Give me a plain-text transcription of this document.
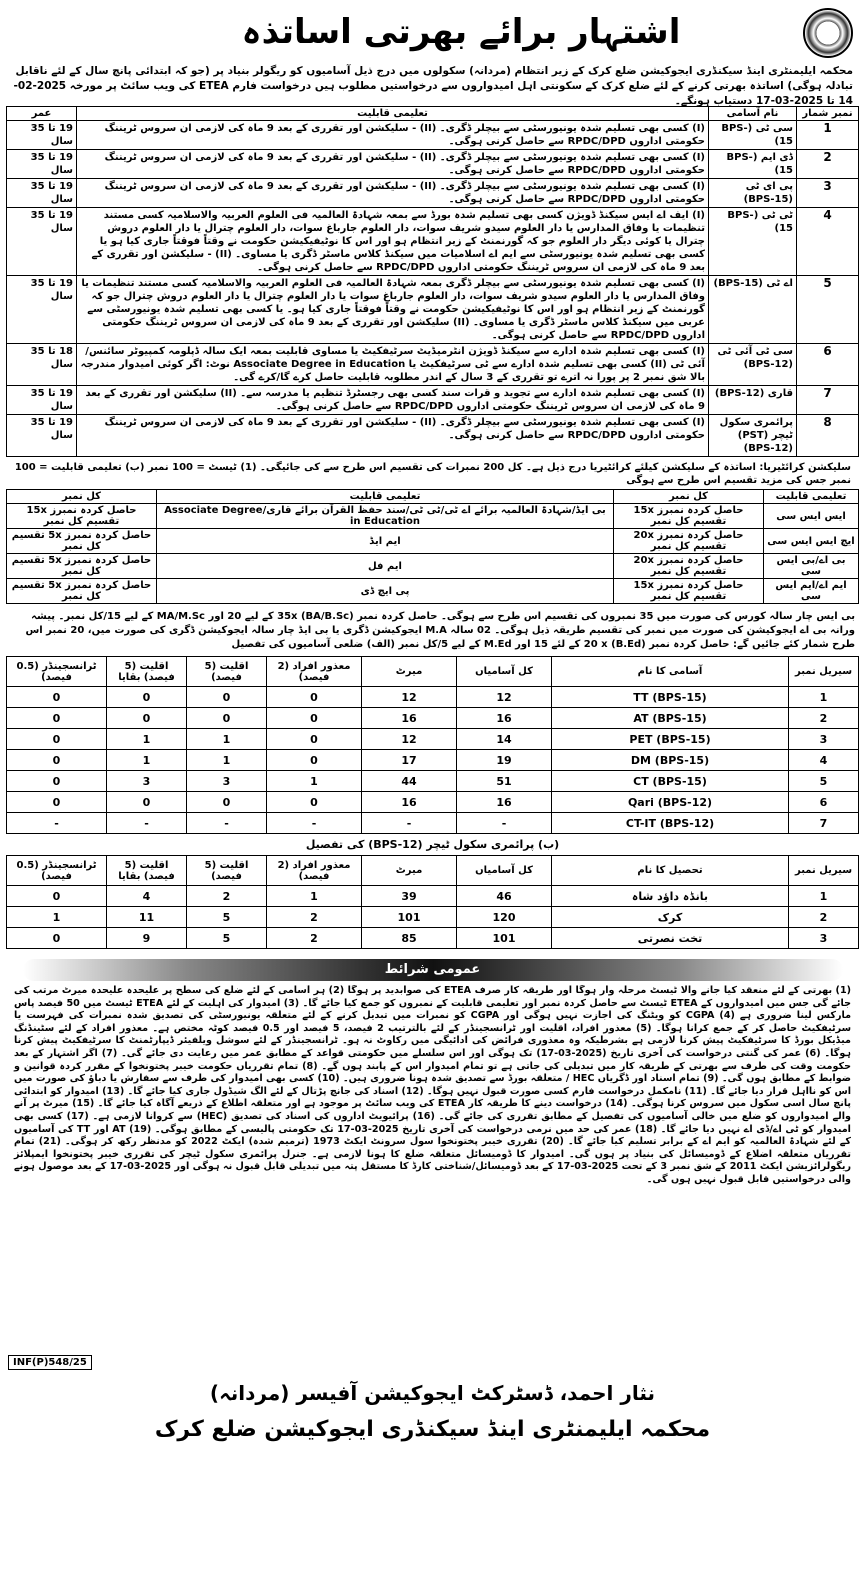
اشتہار برائے بھرتی اساتذہ
محکمہ ایلیمنٹری اینڈ سیکنڈری ایجوکیشن ضلع کرک کے زیر انتظام (مردانہ) سکولوں میں درج ذیل آسامیوں کو ریگولر بنیاد پر (جو کہ ابتدائی پانچ سال کے لئے ناقابل تبادلہ ہوگی) اساتذہ بھرتی کرنے کے لئے ضلع کرک کے سکونتی اہل امیدواروں سے درخواستیں مطلوب ہیں درخواست فارم ETEA کی ویب سائٹ پر مورخہ 2025-02-14 تا 2025-03-17 دستیاب ہونگے۔
نمبر شمار	نام آسامی	تعلیمی قابلیت	عمر
1	سی ٹی (BPS-15)	(I) کسی بھی تسلیم شدہ یونیورسٹی سے بیچلر ڈگری۔ (II) - سلیکشن اور تقرری کے بعد 9 ماہ کی لازمی ان سروس ٹریننگ حکومتی اداروں RPDC/DPD سے حاصل کرنی ہوگی۔	19 تا 35 سال
2	ڈی ایم (BPS-15)	(I) کسی بھی تسلیم شدہ یونیورسٹی سے بیچلر ڈگری۔ (II) - سلیکشن اور تقرری کے بعد 9 ماہ کی لازمی ان سروس ٹریننگ حکومتی اداروں RPDC/DPD سے حاصل کرنی ہوگی۔	19 تا 35 سال
3	پی ای ٹی (BPS-15)	(I) کسی بھی تسلیم شدہ یونیورسٹی سے بیچلر ڈگری۔ (II) - سلیکشن اور تقرری کے بعد 9 ماہ کی لازمی ان سروس ٹریننگ حکومتی اداروں RPDC/DPD سے حاصل کرنی ہوگی۔	19 تا 35 سال
4	ٹی ٹی (BPS-15)	(I) ایف اے ایس سیکنڈ ڈویژن کسی بھی تسلیم شدہ بورڈ سے بمعہ شہادۃ العالمیہ فی العلوم العربیہ والاسلامیہ کسی مستند تنظیمات یا وفاق المدارس یا دار العلوم سیدو شریف سوات، دار العلوم جارباغ سوات، دار العلوم چترال یا دار العلوم دروش چترال یا کوئی دیگر دار العلوم جو کہ گورنمنٹ کے زیر انتظام ہو اور اس کا نوٹیفیکیشن حکومت نے وقتاً فوقتاً جاری کیا ہو یا کسی بھی تسلیم شدہ یونیورسٹی سے ایم اے اسلامیات میں سیکنڈ کلاس ماسٹر ڈگری یا مساوی۔ (II) - سلیکشن اور تقرری کے بعد 9 ماہ کی لازمی ان سروس ٹریننگ حکومتی اداروں RPDC/DPD سے حاصل کرنی ہوگی۔	19 تا 35 سال
5	اے ٹی (BPS-15)	(I) کسی بھی تسلیم شدہ یونیورسٹی سے بیچلر ڈگری بمعہ شہادۃ العالمیہ فی العلوم العربیہ والاسلامیہ کسی مستند تنظیمات یا وفاق المدارس یا دار العلوم سیدو شریف سوات، دار العلوم جارباغ سوات یا دار العلوم چترال یا دار العلوم دروش چترال جو کہ گورنمنٹ کے زیر انتظام ہو اور اس کا نوٹیفیکیشن حکومت نے وقتاً فوقتاً جاری کیا ہو۔ یا کسی بھی تسلیم شدہ یونیورسٹی سے عربی میں سیکنڈ کلاس ماسٹر ڈگری یا مساوی۔ (II) سلیکشن اور تقرری کے بعد 9 ماہ کی لازمی ان سروس ٹریننگ حکومتی اداروں RPDC/DPD سے حاصل کرنی ہوگی۔	19 تا 35 سال
6	سی ٹی آئی ٹی (BPS-12)	(I) کسی بھی تسلیم شدہ ادارے سے سیکنڈ ڈویژن انٹرمیڈیٹ سرٹیفکیٹ یا مساوی قابلیت بمعہ ایک سالہ ڈپلومہ کمپیوٹر سائنس/آئی ٹی (II) کسی بھی تسلیم شدہ ادارے سے ٹی سرٹیفکیٹ یا Associate Degree in Education نوٹ: اگر کوئی امیدوار مندرجہ بالا شق نمبر 2 پر پورا نہ اترے تو تقرری کے 3 سال کے اندر مطلوبہ قابلیت حاصل کرے گا/کرے گی۔	18 تا 35 سال
7	قاری (BPS-12)	(I) کسی بھی تسلیم شدہ ادارے سے تجوید و قرات سند کسی بھی رجسٹرڈ تنظیم یا مدرسہ سے۔ (II) سلیکشن اور تقرری کے بعد 9 ماہ کی لازمی ان سروس ٹریننگ حکومتی اداروں RPDC/DPD سے حاصل کرنی ہوگی۔	19 تا 35 سال
8	پرائمری سکول ٹیچر (PST) (BPS-12)	(I) کسی بھی تسلیم شدہ یونیورسٹی سے بیچلر ڈگری۔ (II) - سلیکشن اور تقرری کے بعد 9 ماہ کی لازمی ان سروس ٹریننگ حکومتی اداروں RPDC/DPD سے حاصل کرنی ہوگی۔	19 تا 35 سال
سلیکشن کرائٹیریا: اساتذہ کے سلیکشن کیلئے کرائٹیریا درج ذیل ہے۔ کل 200 نمبرات کی تقسیم اس طرح سے کی جائیگی۔ (1) ٹیسٹ = 100 نمبر (ب) تعلیمی قابلیت = 100 نمبر جس کی مزید تقسیم اس طرح سے ہوگی
تعلیمی قابلیت	کل نمبر	تعلیمی قابلیت	کل نمبر
ایس ایس سی	حاصل کردہ نمبرز 15x تقسیم کل نمبر	بی ایڈ/شہادۃ العالمیہ برائے اے ٹی/ٹی ٹی/سند حفظ القرآن برائے قاری/Associate Degree in Education	حاصل کردہ نمبرز 15x تقسیم کل نمبر
ایچ ایس ایس سی	حاصل کردہ نمبرز 20x تقسیم کل نمبر	ایم ایڈ	حاصل کردہ نمبرز 5x تقسیم کل نمبر
بی اے/بی ایس سی	حاصل کردہ نمبرز 20x تقسیم کل نمبر	ایم فل	حاصل کردہ نمبرز 5x تقسیم کل نمبر
ایم اے/ایم ایس سی	حاصل کردہ نمبرز 15x تقسیم کل نمبر	پی ایچ ڈی	حاصل کردہ نمبرز 5x تقسیم کل نمبر
بی ایس چار سالہ کورس کی صورت میں 35 نمبروں کی تقسیم اس طرح سے ہوگی۔ حاصل کردہ نمبر 35x (BA/B.Sc) کے لیے 20 اور MA/M.Sc کے لیے 15/کل نمبر۔ پیشہ ورانہ بی اے ایجوکیشن کی صورت میں نمبر کی تقسیم طریقہ ذیل ہوگی۔ 02 سالہ M.A ایجوکیشن ڈگری یا بی ایڈ چار سالہ ایجوکیشن ڈگری کی صورت میں، 20 نمبر اس طرح شمار کئے جائیں گے: حاصل کردہ نمبر (B.Ed) 20 x کے لئے 15 اور M.Ed کے لیے 5/کل نمبر (الف) ضلعی آسامیوں کی تفصیل
سیریل نمبر	آسامی کا نام	کل آسامیاں	میرٹ	معذور افراد (2 فیصد)	اقلیت (5 فیصد)	اقلیت (5 فیصد) بقایا	ٹرانسجینڈر (0.5 فیصد)
1	TT (BPS-15)	12	12	0	0	0	0
2	AT (BPS-15)	16	16	0	0	0	0
3	PET (BPS-15)	14	12	0	1	1	0
4	DM (BPS-15)	19	17	0	1	1	0
5	CT (BPS-15)	51	44	1	3	3	0
6	Qari (BPS-12)	16	16	0	0	0	0
7	CT-IT (BPS-12)	-	-	-	-	-	-
(ب) پرائمری سکول ٹیچر (BPS-12) کی تفصیل
سیریل نمبر	تحصیل کا نام	کل آسامیاں	میرٹ	معذور افراد (2 فیصد)	اقلیت (5 فیصد)	اقلیت (5 فیصد) بقایا	ٹرانسجینڈر (0.5 فیصد)
1	بانڈہ داؤد شاہ	46	39	1	2	4	0
2	کرک	120	101	2	5	11	1
3	تخت نصرتی	101	85	2	5	9	0
عمومی شرائط
(1) بھرتی کے لئے منعقد کیا جانے والا ٹیسٹ مرحلہ وار ہوگا اور طریقہ کار صرف ETEA کی صوابدید پر ہوگا (2) ہر آسامی کے لئے ضلع کی سطح پر علیحدہ علیحدہ میرٹ مرتب کی جائے گی جس میں امیدواروں کے ETEA ٹیسٹ سے حاصل کردہ نمبر اور تعلیمی قابلیت کے نمبروں کو جمع کیا جائے گا۔ (3) امیدوار کی اہلیت کے لئے ETEA ٹیسٹ میں 50 فیصد پاس مارکس لینا ضروری ہے (4) CGPA کو ویٹنگ کی اجازت نہیں ہوگی اور CGPA کو نمبرات میں تبدیل کرنے کے لئے متعلقہ یونیورسٹی کی تصدیق شدہ نمبرات کی فہرست یا سرٹیفکیٹ حاصل کر کے جمع کرانا ہوگا۔ (5) معذور افراد، اقلیت اور ٹرانسجینڈر کے لئے بالترتیب 2 فیصد، 5 فیصد اور 0.5 فیصد کوٹہ مختص ہے۔ معذور افراد کے لئے سٹینڈنگ میڈیکل بورڈ کا سرٹیفکیٹ پیش کرنا لازمی ہے بشرطیکہ وہ معذوری فرائض کی ادائیگی میں رکاوٹ نہ ہو۔ ٹرانسجینڈر کے لئے سوشل ویلفیئر ڈیپارٹمنٹ کا سرٹیفکیٹ پیش کرنا ہوگا۔ (6) عمر کی گنتی درخواست کی آخری تاریخ (2025-03-17) تک ہوگی اور اس سلسلے میں حکومتی قواعد کے مطابق عمر میں رعایت دی جائے گی۔ (7) اگر اشتہار کے بعد حکومت وقت کی طرف سے بھرتی کے طریقہ کار میں تبدیلی کی جاتی ہے تو تمام امیدوار اس کے پابند ہوں گے۔ (8) تمام تقرریاں حکومت خیبر پختونخوا کے مقرر کردہ قوانین و ضوابط کے مطابق ہوں گی۔ (9) تمام اسناد اور ڈگریاں HEC / متعلقہ بورڈ سے تصدیق شدہ ہونا ضروری ہیں۔ (10) کسی بھی امیدوار کی طرف سے سفارش یا دباؤ کی صورت میں اس کو نااہل قرار دیا جائے گا۔ (11) نامکمل درخواست فارم کسی صورت قبول نہیں ہوگا۔ (12) اسناد کی جانچ پڑتال کے لئے الگ شیڈول جاری کیا جائے گا۔ (13) امیدوار کو ابتدائی پانچ سال اسی سکول میں سروس کرنا ہوگی۔ (14) درخواست دینے کا طریقہ کار ETEA کی ویب سائٹ پر موجود ہے اور متعلقہ اطلاع کے ذریعے آگاہ کیا جائے گا۔ (15) میرٹ پر آنے والے امیدواروں کو ضلع میں خالی آسامیوں کی تفصیل کے مطابق تقرری کی جائے گی۔ (16) پرائیویٹ اداروں کی اسناد کی تصدیق (HEC) سے کروانا لازمی ہے۔ (17) کسی بھی امیدوار کو ٹی اے/ڈی اے نہیں دیا جائے گا۔ (18) عمر کی حد میں نرمی درخواست کی آخری تاریخ 2025-03-17 تک حکومتی پالیسی کے مطابق ہوگی۔ (19) AT اور TT کی آسامیوں کے لئے شہادۃ العالمیہ کو ایم اے کے برابر تسلیم کیا جائے گا۔ (20) تقرری خیبر پختونخوا سول سرونٹ ایکٹ 1973 (ترمیم شدہ) ایکٹ 2022 کو مدنظر رکھ کر ہوگی۔ (21) تمام تقرریاں متعلقہ اضلاع کے ڈومیسائل کی بنیاد پر ہوں گی۔ امیدوار کا ڈومیسائل متعلقہ ضلع کا ہونا لازمی ہے۔ جنرل پرائمری سکول ٹیچر کی تقرری خیبر پختونخوا ایمپلائز ریگولرائزیشن ایکٹ 2011 کے شق نمبر 3 کے تحت 2025-03-17 کے بعد ڈومیسائل/شناختی کارڈ کا مستقل پتہ میں تبدیلی قابل قبول نہ ہوگی اور 2025-03-17 کے بعد موصول ہونے والی درخواستیں قابل قبول نہیں ہوں گی۔
INF(P)548/25
نثار احمد، ڈسٹرکٹ ایجوکیشن آفیسر (مردانہ)
محکمہ ایلیمنٹری اینڈ سیکنڈری ایجوکیشن ضلع کرک
